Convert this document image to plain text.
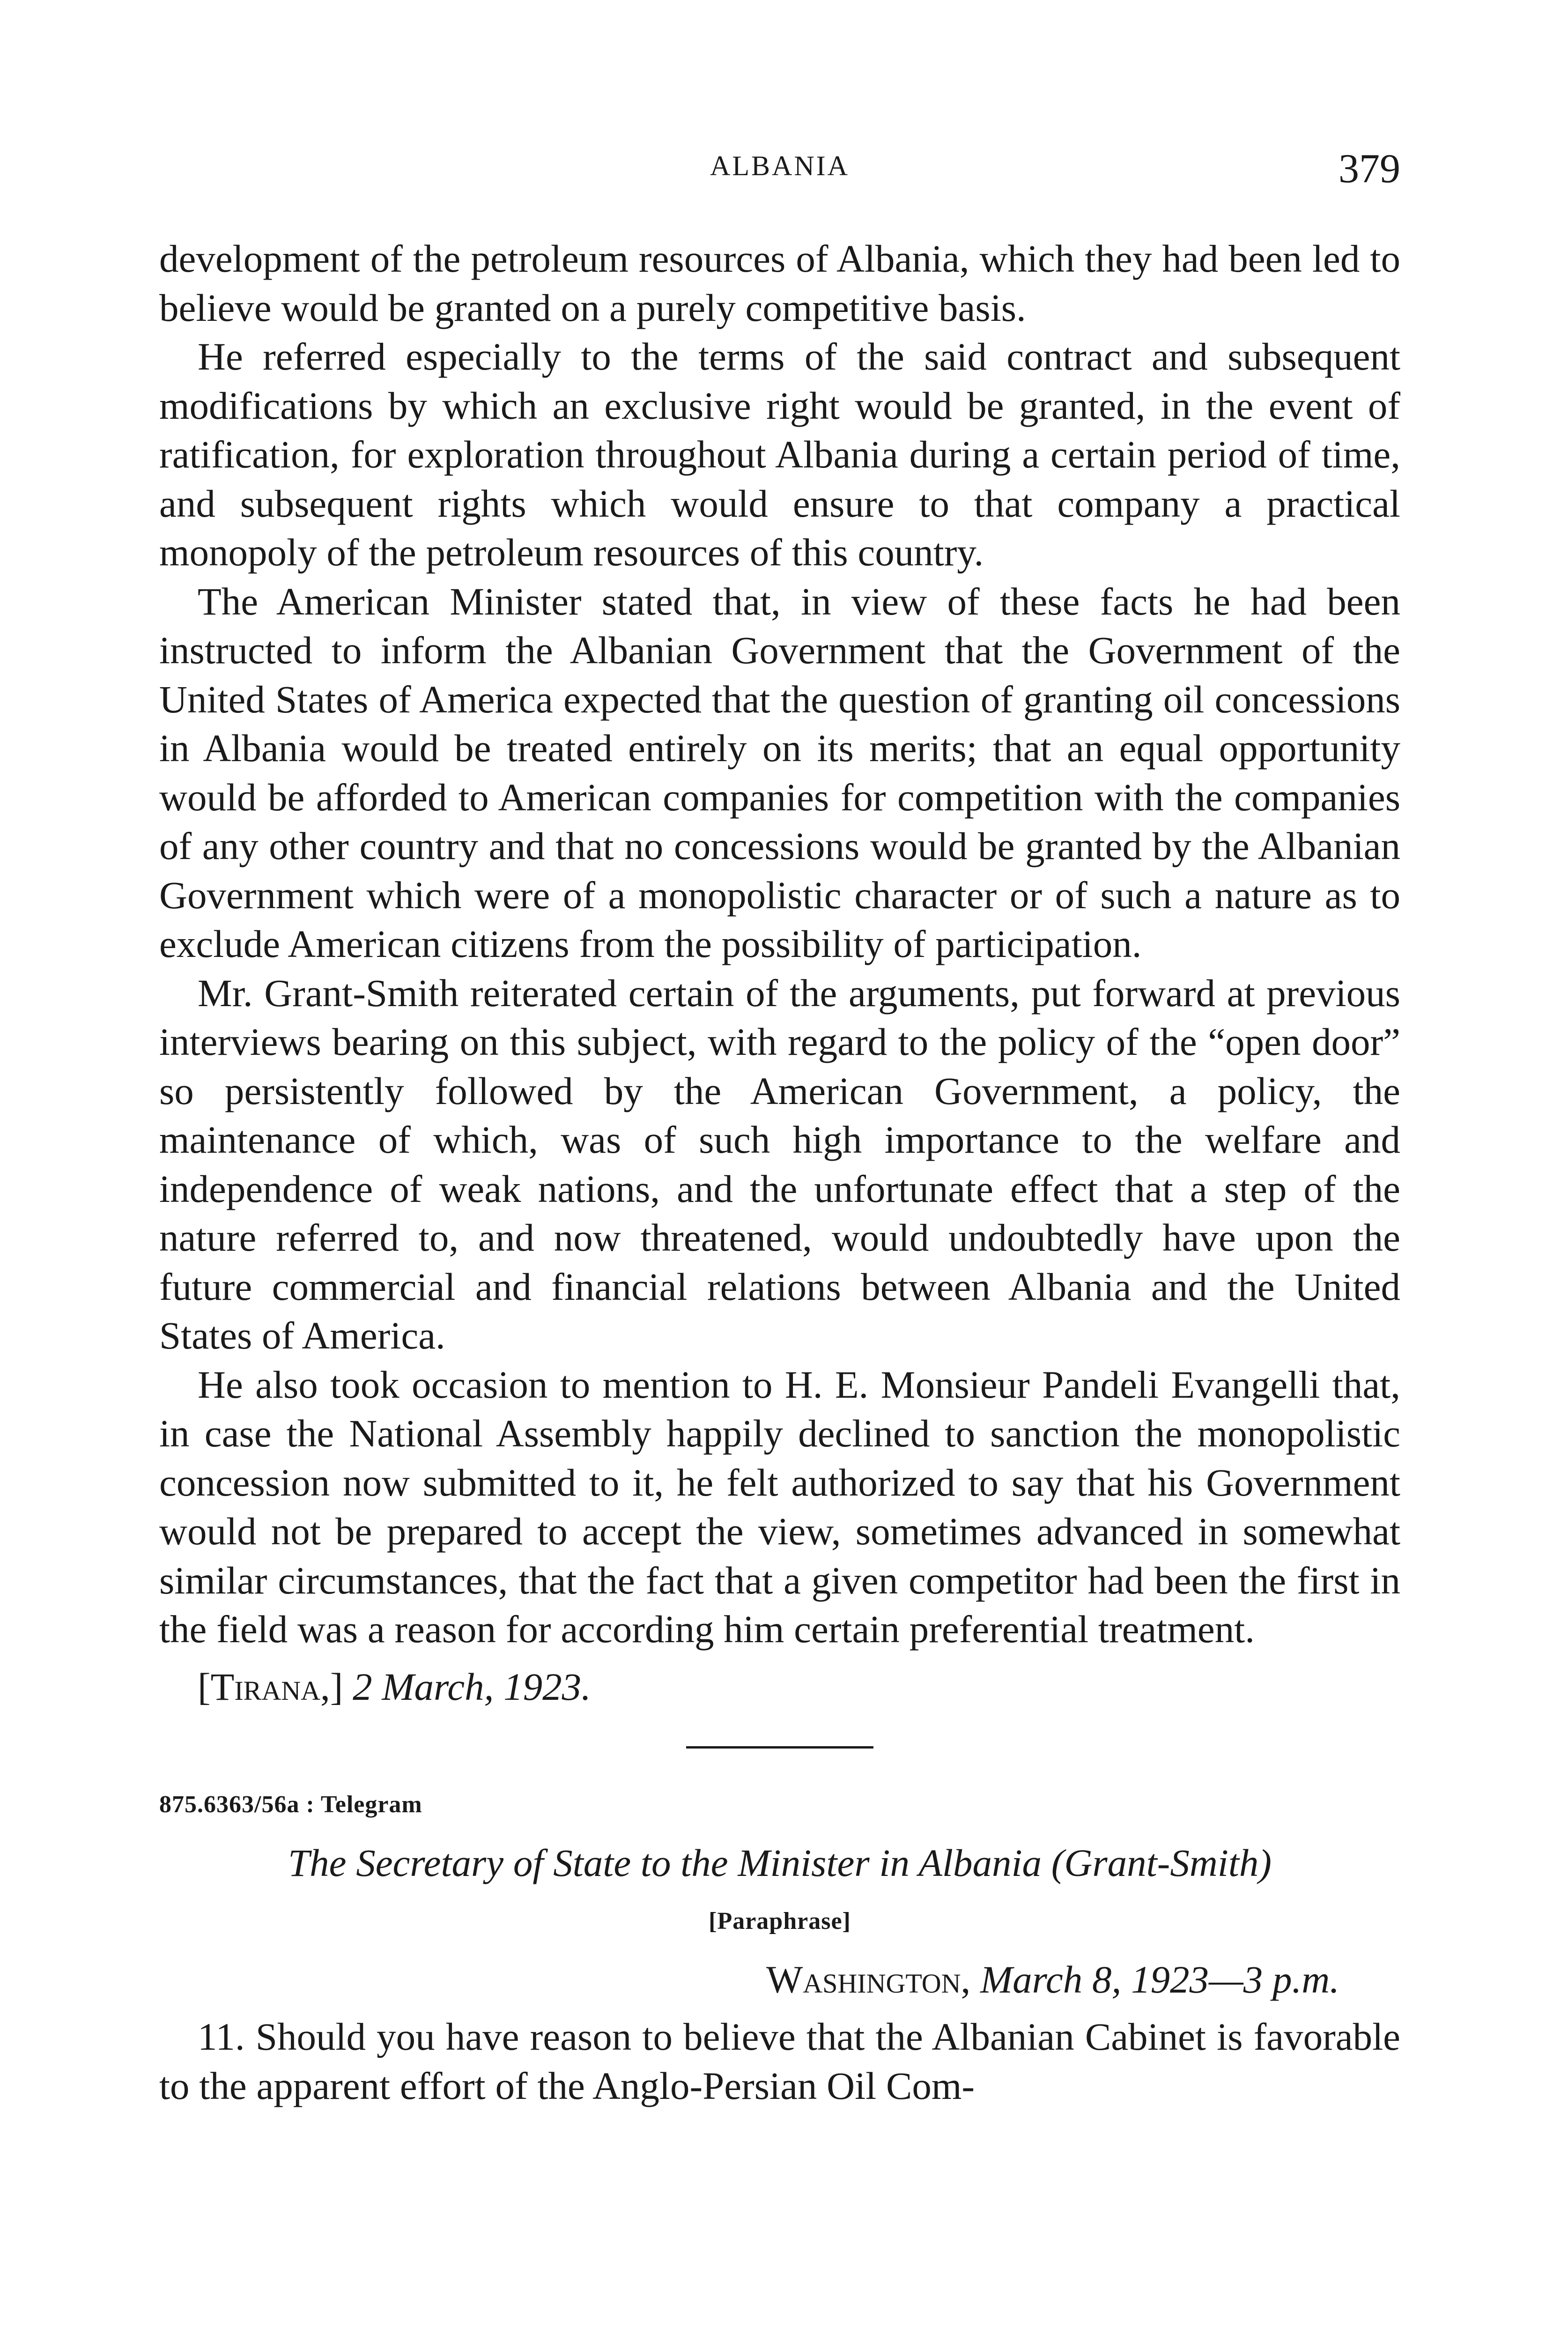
ALBANIA	379

development of the petroleum resources of Albania, which they had been led to believe would be granted on a purely competitive basis.

He referred especially to the terms of the said contract and subsequent modifications by which an exclusive right would be granted, in the event of ratification, for exploration throughout Albania during a certain period of time, and subsequent rights which would ensure to that company a practical monopoly of the petroleum resources of this country.

The American Minister stated that, in view of these facts he had been instructed to inform the Albanian Government that the Government of the United States of America expected that the question of granting oil concessions in Albania would be treated entirely on its merits; that an equal opportunity would be afforded to American companies for competition with the companies of any other country and that no concessions would be granted by the Albanian Government which were of a monopolistic character or of such a nature as to exclude American citizens from the possibility of participation.

Mr. Grant-Smith reiterated certain of the arguments, put forward at previous interviews bearing on this subject, with regard to the policy of the “open door” so persistently followed by the American Government, a policy, the maintenance of which, was of such high importance to the welfare and independence of weak nations, and the unfortunate effect that a step of the nature referred to, and now threatened, would undoubtedly have upon the future commercial and financial relations between Albania and the United States of America.

He also took occasion to mention to H. E. Monsieur Pandeli Evangelli that, in case the National Assembly happily declined to sanction the monopolistic concession now submitted to it, he felt authorized to say that his Government would not be prepared to accept the view, sometimes advanced in somewhat similar circumstances, that the fact that a given competitor had been the first in the field was a reason for according him certain preferential treatment.

[Tirana,] 2 March, 1923.
875.6363/56a : Telegram
The Secretary of State to the Minister in Albania (Grant-Smith)
[Paraphrase]
Washington, March 8, 1923—3 p.m.

11. Should you have reason to believe that the Albanian Cabinet is favorable to the apparent effort of the Anglo-Persian Oil Com-
